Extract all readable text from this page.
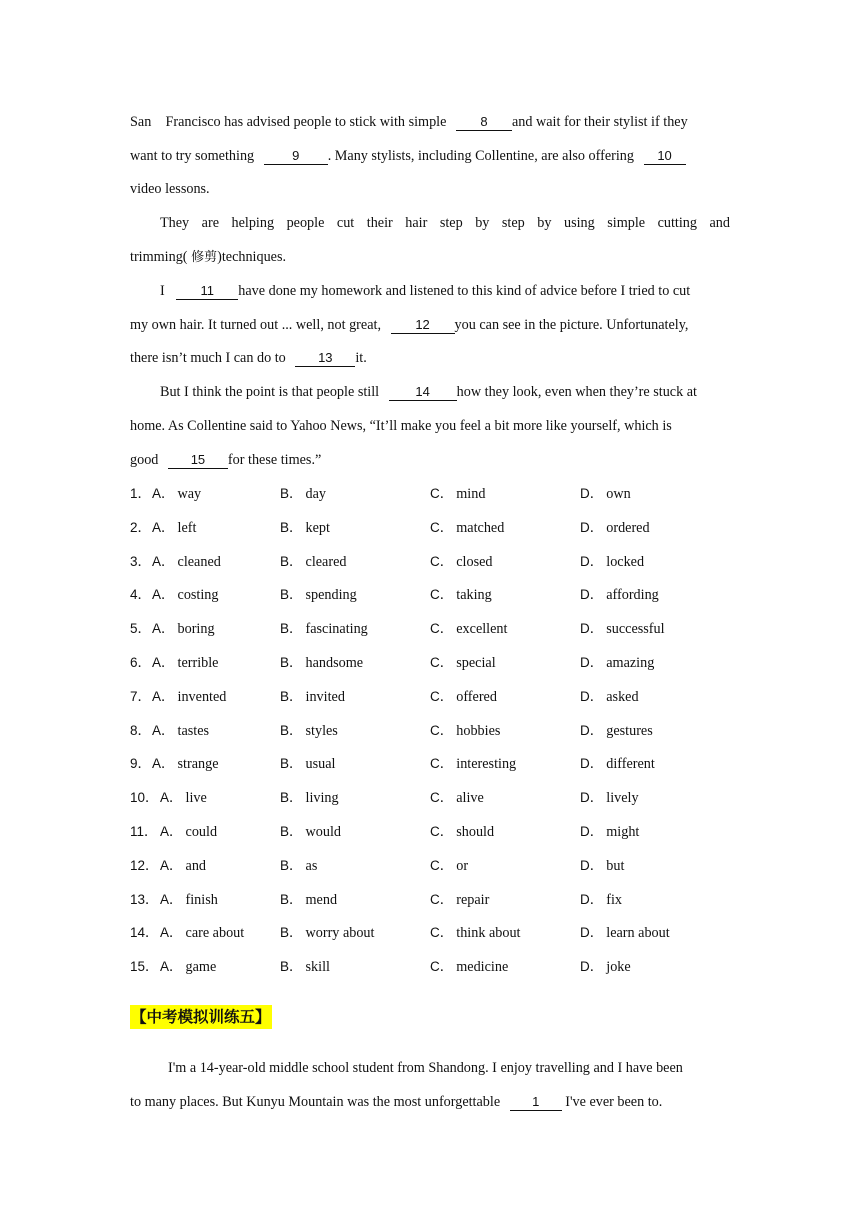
San Francisco has advised people to stick with simple	8 and wait for their stylist if they
want to try something	9 . Many stylists, including Collentine, are also offering 10
video lessons.
They are helping people cut their hair step by step by using simple cutting and
trimming( 修剪)techniques.
I	11 have done my homework and listened to this kind of advice before I tried to cut
my own hair. It turned out ... well, not great,	12 you can see in the picture. Unfortunately,
there isn’t much I can do to 13 it.
But I think the point is that people still	14 how they look, even when they’re stuck at
home. As Collentine said to Yahoo News, “It’ll make you feel a bit more like yourself, which is
good 15 for these times.”
1． A． way	B． day	C． mind	D． own
2． A． left	B． kept	C． matched	D． ordered
3． A． cleaned	B． cleared	C． closed	D． locked
4． A． costing	B． spending	C． taking	D． affording
5． A． boring	B． fascinating	C． excellent	D． successful
6． A． terrible	B． handsome	C． special	D． amazing
7． A． invented	B． invited	C． offered	D． asked
8． A． tastes	B． styles	C． hobbies	D． gestures
9． A． strange	B． usual	C． interesting	D． different
10． A． live	B． living	C． alive	D． lively
11． A． could	B． would	C． should	D． might
12． A． and	B． as	C． or	D． but
13． A． finish	B． mend	C． repair	D． fix
14． A． care about	B． worry about	C． think about	D． learn about
15． A． game	B． skill	C． medicine	D． joke
【中考模拟训练五】
I'm a 14-year-old middle school student from Shandong. I enjoy travelling and I have been
to many places. But Kunyu Mountain was the most unforgettable 1 I've ever been to.
